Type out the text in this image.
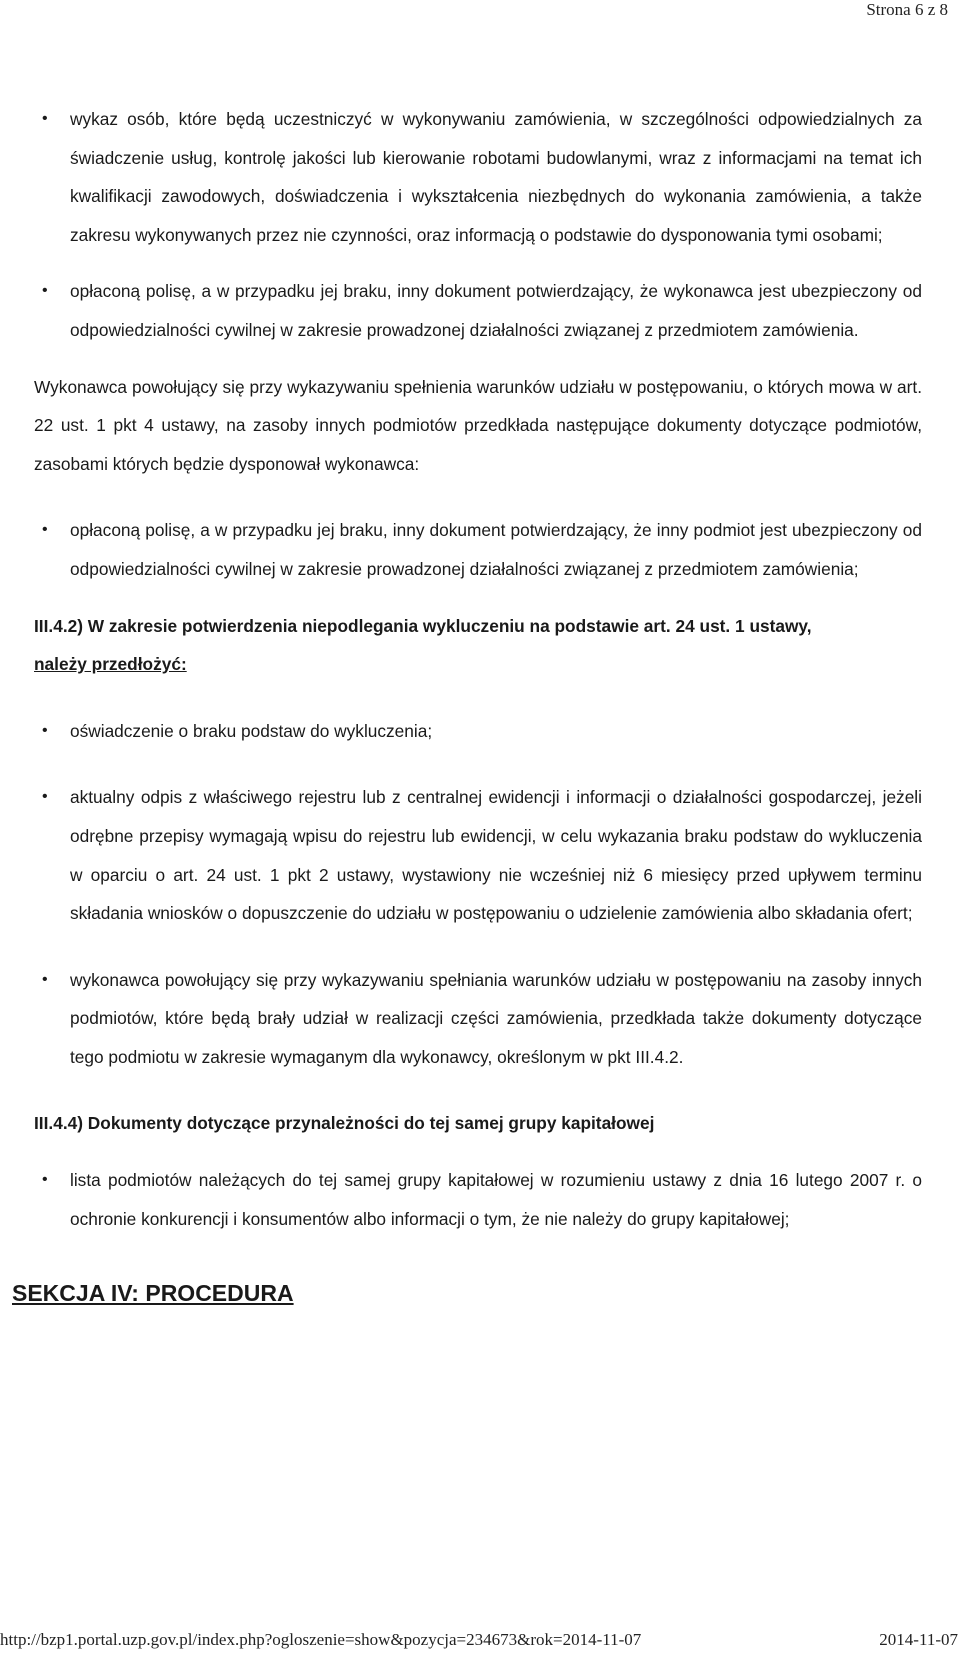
Strona 6 z 8
• wykaz osób, które będą uczestniczyć w wykonywaniu zamówienia, w szczególności odpowiedzialnych za świadczenie usług, kontrolę jakości lub kierowanie robotami budowlanymi, wraz z informacjami na temat ich kwalifikacji zawodowych, doświadczenia i wykształcenia niezbędnych do wykonania zamówienia, a także zakresu wykonywanych przez nie czynności, oraz informacją o podstawie do dysponowania tymi osobami;
• opłaconą polisę, a w przypadku jej braku, inny dokument potwierdzający, że wykonawca jest ubezpieczony od odpowiedzialności cywilnej w zakresie prowadzonej działalności związanej z przedmiotem zamówienia.

Wykonawca powołujący się przy wykazywaniu spełnienia warunków udziału w postępowaniu, o których mowa w art. 22 ust. 1 pkt 4 ustawy, na zasoby innych podmiotów przedkłada następujące dokumenty dotyczące podmiotów, zasobami których będzie dysponował wykonawca:

• opłaconą polisę, a w przypadku jej braku, inny dokument potwierdzający, że inny podmiot jest ubezpieczony od odpowiedzialności cywilnej w zakresie prowadzonej działalności związanej z przedmiotem zamówienia;

III.4.2) W zakresie potwierdzenia niepodlegania wykluczeniu na podstawie art. 24 ust. 1 ustawy,
należy przedłożyć:

• oświadczenie o braku podstaw do wykluczenia;
• aktualny odpis z właściwego rejestru lub z centralnej ewidencji i informacji o działalności gospodarczej, jeżeli odrębne przepisy wymagają wpisu do rejestru lub ewidencji, w celu wykazania braku podstaw do wykluczenia w oparciu o art. 24 ust. 1 pkt 2 ustawy, wystawiony nie wcześniej niż 6 miesięcy przed upływem terminu składania wniosków o dopuszczenie do udziału w postępowaniu o udzielenie zamówienia albo składania ofert;
• wykonawca powołujący się przy wykazywaniu spełniania warunków udziału w postępowaniu na zasoby innych podmiotów, które będą brały udział w realizacji części zamówienia, przedkłada także dokumenty dotyczące tego podmiotu w zakresie wymaganym dla wykonawcy, określonym w pkt III.4.2.

III.4.4) Dokumenty dotyczące przynależności do tej samej grupy kapitałowej

• lista podmiotów należących do tej samej grupy kapitałowej w rozumieniu ustawy z dnia 16 lutego 2007 r. o ochronie konkurencji i konsumentów albo informacji o tym, że nie należy do grupy kapitałowej;
SEKCJA IV: PROCEDURA
http://bzp1.portal.uzp.gov.pl/index.php?ogloszenie=show&pozycja=234673&rok=2014-11-07	2014-11-07
